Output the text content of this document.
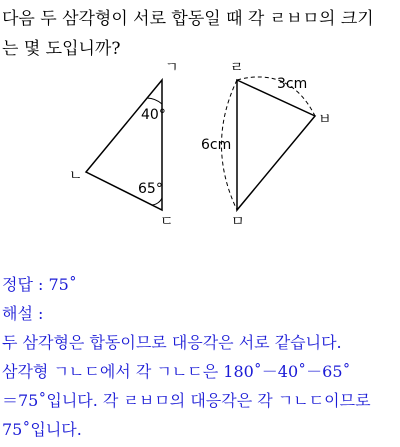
다음 두 삼각형이 서로 합동일 때 각 ㄹㅂㅁ의 크기
는 몇 도입니까?
ㄱ
ㄴ
ㄷ
40°
65°
ㄹ
ㅂ
ㅁ
3cm
6cm
정답 : 75˚
해설 :
두 삼각형은 합동이므로 대응각은 서로 같습니다.
삼각형 ㄱㄴㄷ에서 각 ㄱㄴㄷ은 180˚－40˚－65˚
＝75˚입니다. 각 ㄹㅂㅁ의 대응각은 각 ㄱㄴㄷ이므로
75˚입니다.
